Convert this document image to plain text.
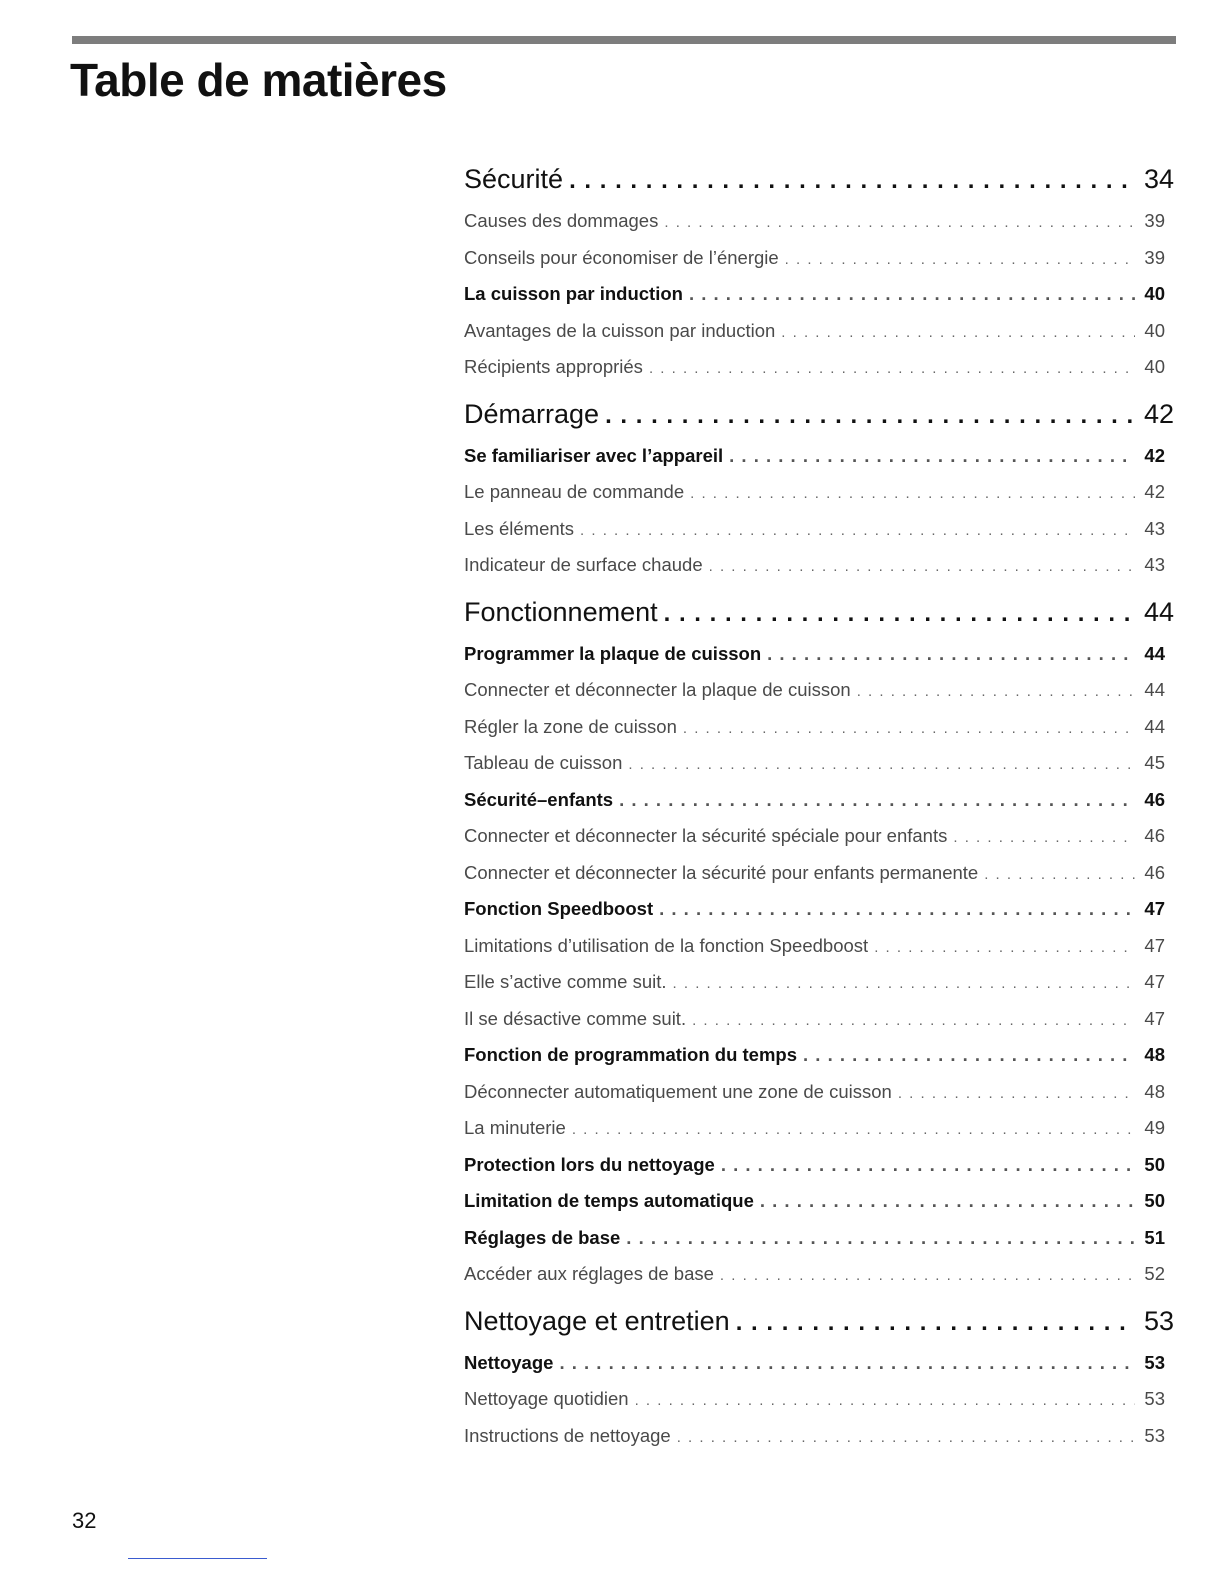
Table de matières
Sécurité . . .	34
Causes des dommages . . .	39
Conseils pour économiser de l’énergie . . .	39
La cuisson par induction . . .	40
Avantages de la cuisson par induction . . .	40
Récipients appropriés . . .	40
Démarrage . . .	42
Se familiariser avec l’appareil . . .	42
Le panneau de commande . . .	42
Les éléments . . .	43
Indicateur de surface chaude . . .	43
Fonctionnement . . .	44
Programmer la plaque de cuisson . . .	44
Connecter et déconnecter la plaque de cuisson . . .	44
Régler la zone de cuisson . . .	44
Tableau de cuisson . . .	45
Sécurité–enfants . . .	46
Connecter et déconnecter la sécurité spéciale pour enfants . . .	46
Connecter et déconnecter la sécurité pour enfants permanente . . .	46
Fonction Speedboost . . .	47
Limitations d’utilisation de la fonction Speedboost . . .	47
Elle s’active comme suit. . . .	47
Il se désactive comme suit. . . .	47
Fonction de programmation du temps . . .	48
Déconnecter automatiquement une zone de cuisson . . .	48
La minuterie . . .	49
Protection lors du nettoyage . . .	50
Limitation de temps automatique . . .	50
Réglages de base . . .	51
Accéder aux réglages de base . . .	52
Nettoyage et entretien . . .	53
Nettoyage . . .	53
Nettoyage quotidien . . .	53
Instructions de nettoyage . . .	53
32
